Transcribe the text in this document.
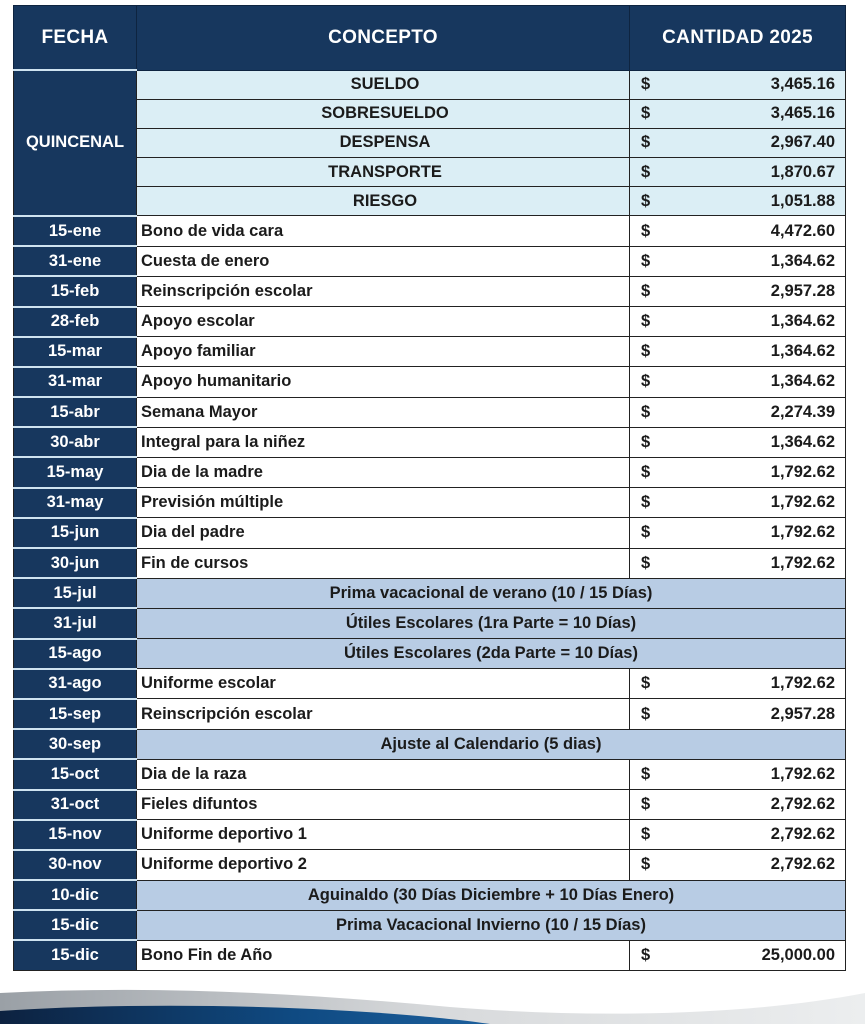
FECHA	CONCEPTO	CANTIDAD 2025
QUINCENAL	SUELDO	$ 3,465.16

	SOBRESUELDO	$ 3,465.16

	DESPENSA	$ 2,967.40

	TRANSPORTE	$ 1,870.67

	RIESGO	$ 1,051.88

15-ene	Bono de vida cara	$ 4,472.60

31-ene	Cuesta de enero	$ 1,364.62

15-feb	Reinscripción escolar	$ 2,957.28

28-feb	Apoyo escolar	$ 1,364.62

15-mar	Apoyo familiar	$ 1,364.62

31-mar	Apoyo humanitario	$ 1,364.62

15-abr	Semana Mayor	$ 2,274.39

30-abr	Integral para la niñez	$ 1,364.62

15-may	Dia de la madre	$ 1,792.62

31-may	Previsión múltiple	$ 1,792.62

15-jun	Dia del padre	$ 1,792.62

30-jun	Fin de cursos	$ 1,792.62

15-jul	Prima vacacional de verano (10 / 15 Días)	
31-jul	Útiles Escolares (1ra Parte = 10 Días)	
15-ago	Útiles Escolares (2da Parte = 10 Días)	
31-ago	Uniforme escolar	$ 1,792.62

15-sep	Reinscripción escolar	$ 2,957.28

30-sep	Ajuste al Calendario (5 dias)	
15-oct	Dia de la raza	$ 1,792.62

31-oct	Fieles difuntos	$ 2,792.62

15-nov	Uniforme deportivo 1	$ 2,792.62

30-nov	Uniforme deportivo 2	$ 2,792.62

10-dic	Aguinaldo (30 Días Diciembre + 10 Días Enero)	
15-dic	Prima Vacacional Invierno (10 / 15 Días)	
15-dic	Bono Fin de Año	$ 25,000.00
